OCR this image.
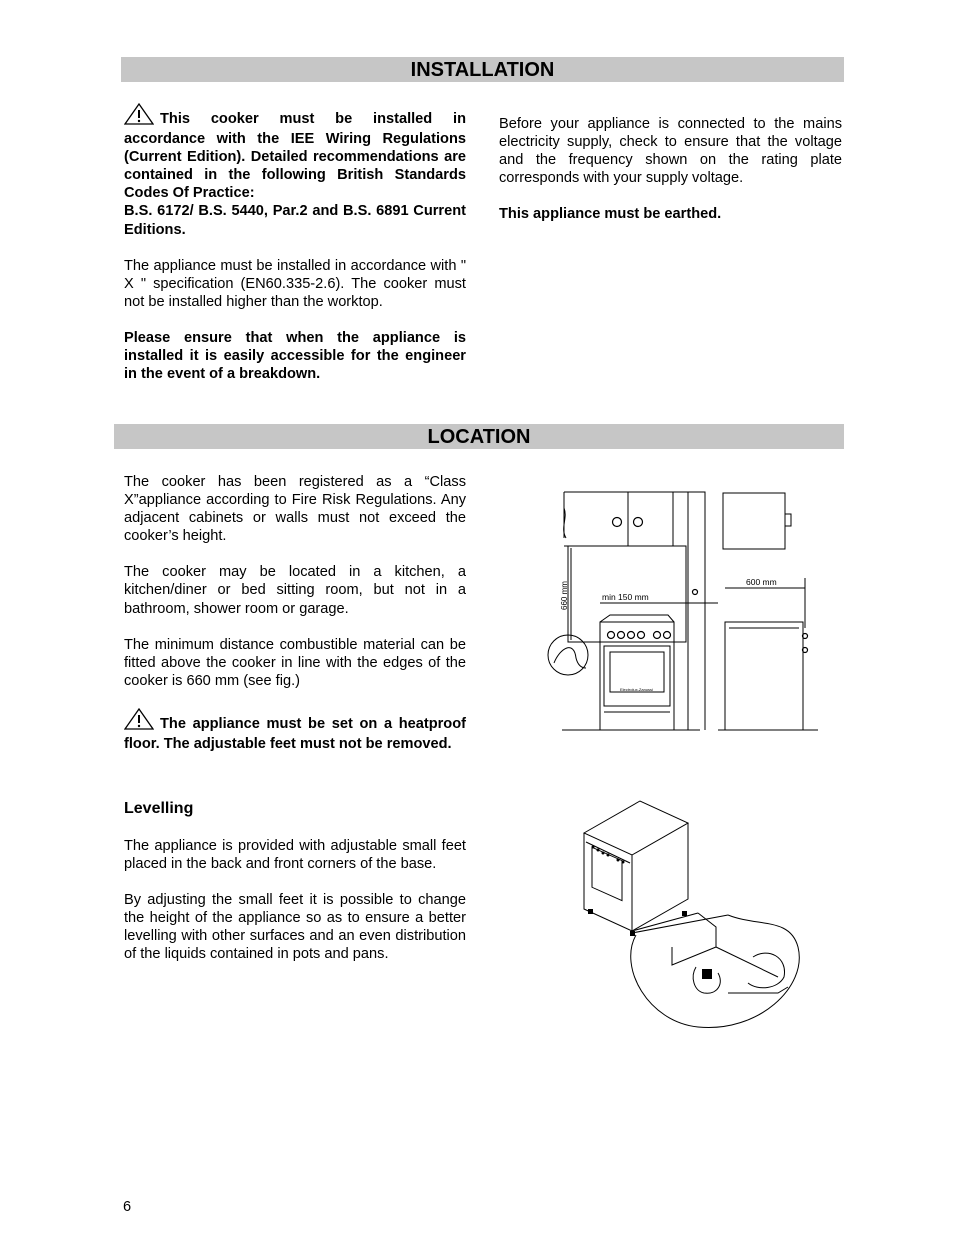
INSTALLATION

This cooker must be installed in accordance with the IEE Wiring Regulations (Current Edition). Detailed recommendations are contained in the following British Standards Codes Of Practice:

B.S. 6172/ B.S. 5440, Par.2 and B.S. 6891 Current Editions.

The appliance must be installed in accordance with " X " specification (EN60.335-2.6). The cooker must not be installed higher than the worktop.

Please ensure that when the appliance is installed it is easily accessible for the engineer in the event of a breakdown.

Before your appliance is connected to the mains electricity supply, check to ensure that the voltage and the frequency shown on the rating plate corresponds with your supply voltage.

This appliance must be earthed.

LOCATION

The cooker has been registered as a “Class X”appliance according to Fire Risk Regulations. Any adjacent cabinets or walls must not exceed the cooker’s height.

The cooker may be located in a kitchen, a kitchen/diner or bed sitting room, but not in a bathroom, shower room or garage.

The minimum distance combustible material can be fitted above the cooker in line with the edges of the cooker is 660 mm (see fig.)

The appliance must be set on a heatproof floor. The adjustable feet must not be removed.

660 mm	min 150 mm
600 mm
Electrolux-Zanussi
Levelling

The appliance is provided with adjustable small feet placed in the back and front corners of the base.

By adjusting the small feet it is possible to change the height of the appliance so as to ensure a better levelling with other surfaces and an even distribution of the liquids contained in pots and pans.

6
